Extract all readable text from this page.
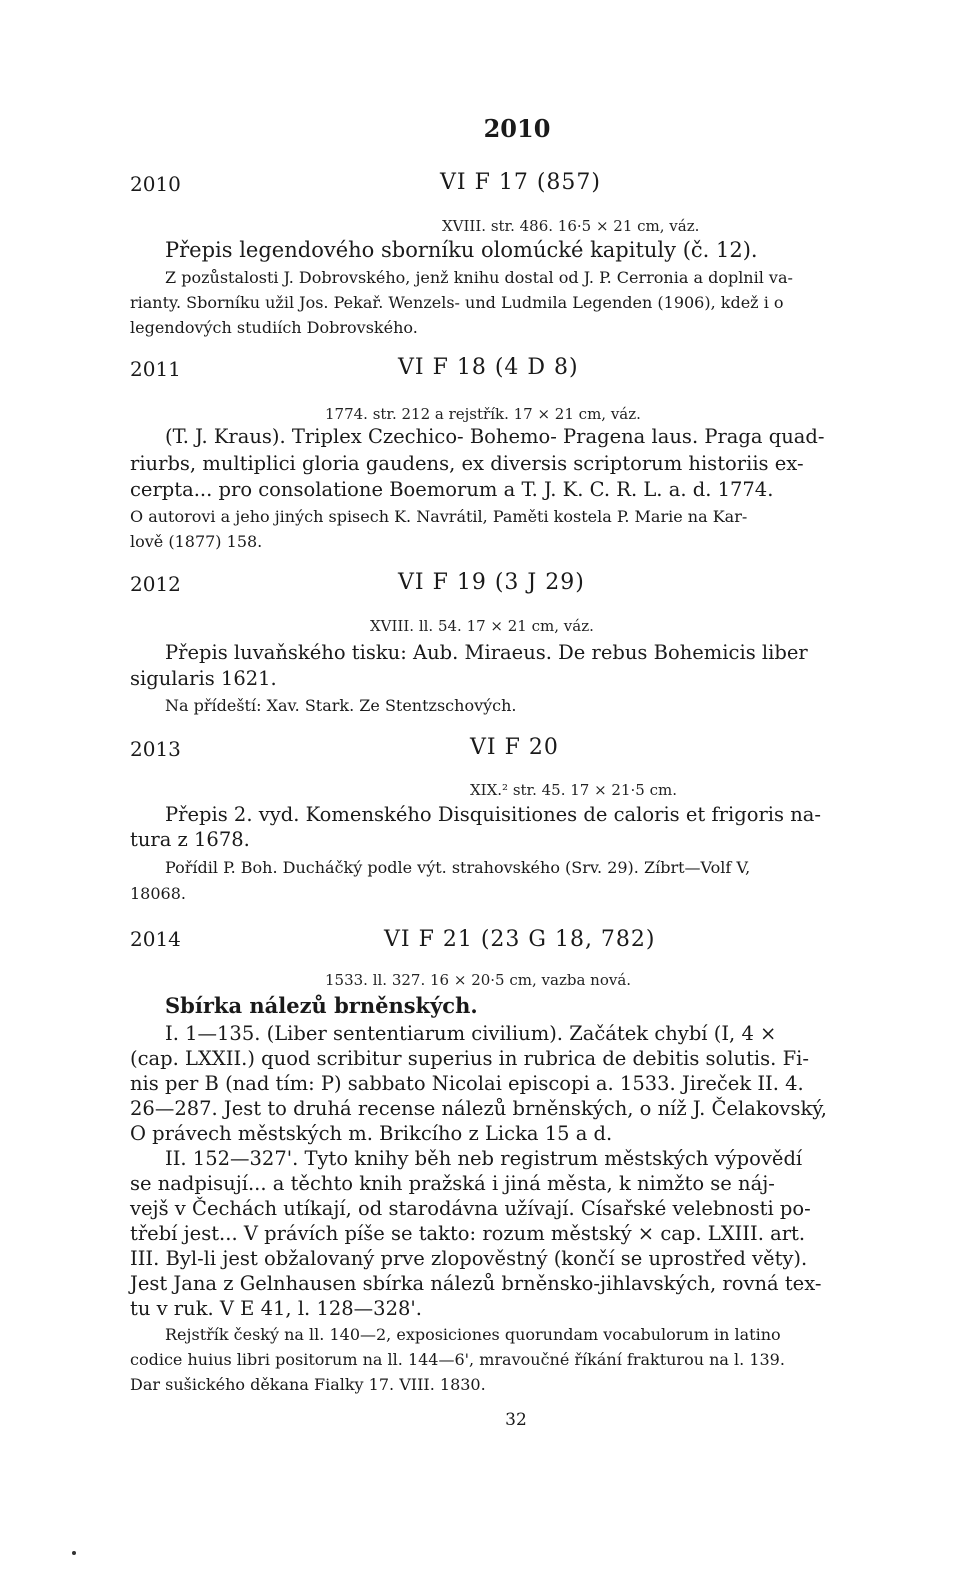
2010
2010	VI F 17 (857)
XVIII. str. 486. 16·5 × 21 cm, váz.
Přepis legendového sborníku olomúcké kapituly (č. 12).
Z pozůstalosti J. Dobrovského, jenž knihu dostal od J. P. Cerronia a doplnil va-
rianty. Sborníku užil Jos. Pekař. Wenzels- und Ludmila Legenden (1906), kdež i o
legendových studiích Dobrovského.
2011	VI F 18 (4 D 8)
1774. str. 212 a rejstřík. 17 × 21 cm, váz.
(T. J. Kraus). Triplex Czechico- Bohemo- Pragena laus. Praga quad-
riurbs, multiplici gloria gaudens, ex diversis scriptorum historiis ex-
cerpta... pro consolatione Boemorum a T. J. K. C. R. L. a. d. 1774.
O autorovi a jeho jiných spisech K. Navrátil, Paměti kostela P. Marie na Kar-
lově (1877) 158.
2012	VI F 19 (3 J 29)
XVIII. ll. 54. 17 × 21 cm, váz.
Přepis luvaňského tisku: Aub. Miraeus. De rebus Bohemicis liber
sigularis 1621.
Na přídeští: Xav. Stark. Ze Stentzschových.
2013	VI F 20
XIX.² str. 45. 17 × 21·5 cm.
Přepis 2. vyd. Komenského Disquisitiones de caloris et frigoris na-
tura z 1678.
Pořídil P. Boh. Ducháčký podle výt. strahovského (Srv. 29). Zíbrt—Volf V,
18068.
2014	VI F 21 (23 G 18, 782)
1533. ll. 327. 16 × 20·5 cm, vazba nová.
Sbírka nálezů brněnských.
I. 1—135. (Liber sententiarum civilium). Začátek chybí (I, 4 ×
(cap. LXXII.) quod scribitur superius in rubrica de debitis solutis. Fi-
nis per B (nad tím: P) sabbato Nicolai episcopi a. 1533. Jireček II. 4.
26—287. Jest to druhá recense nálezů brněnských, o níž J. Čelakovský,
O právech městských m. Brikcího z Licka 15 a d.
II. 152—327'. Tyto knihy běh neb registrum městských výpovědí
se nadpisují... a těchto knih pražská i jiná města, k nimžto se náj-
vejš v Čechách utíkají, od starodávna užívají. Císařské velebnosti po-
třebí jest... V právích píše se takto: rozum městský × cap. LXIII. art.
III. Byl-li jest obžalovaný prve zlopověstný (končí se uprostřed věty).
Jest Jana z Gelnhausen sbírka nálezů brněnsko-jihlavských, rovná tex-
tu v ruk. V E 41, l. 128—328'.
Rejstřík český na ll. 140—2, exposiciones quorundam vocabulorum in latino
codice huius libri positorum na ll. 144—6', mravoučné říkání frakturou na l. 139.
Dar sušického děkana Fialky 17. VIII. 1830.
32
